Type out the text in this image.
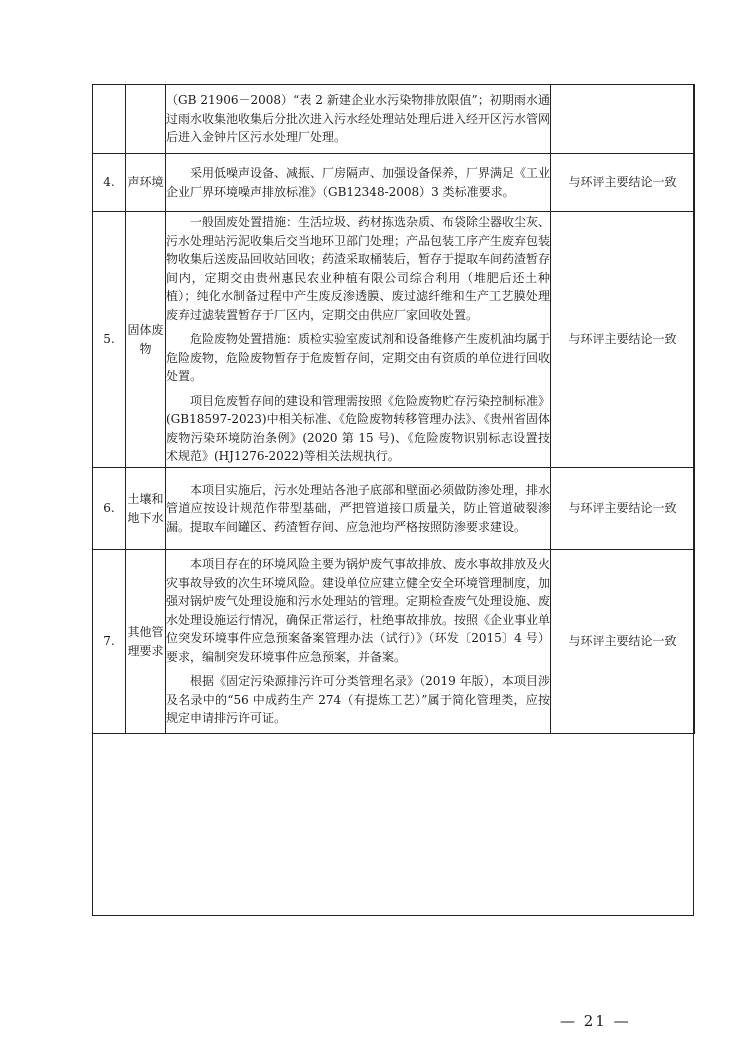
		（GB 21906－2008）“表 2 新建企业水污染物排放限值”；初期雨水通过雨水收集池收集后分批次进入污水经处理站处理后进入经开区污水管网后进入金钟片区污水处理厂处理。	

4.	声环境	采用低噪声设备、减振、厂房隔声、加强设备保养，厂界满足《工业企业厂界环境噪声排放标准》（GB12348-2008）3 类标准要求。	与环评主要结论一致
5.	固体废物	一般固废处置措施：生活垃圾、药材拣选杂质、布袋除尘器收尘灰、污水处理站污泥收集后交当地环卫部门处理；产品包装工序产生废弃包装物收集后送废品回收站回收；药渣采取桶装后，暂存于提取车间药渣暂存间内，定期交由贵州惠民农业种植有限公司综合利用（堆肥后还土种植）；纯化水制备过程中产生废反渗透膜、废过滤纤维和生产工艺膜处理废弃过滤装置暂存于厂区内，定期交由供应厂家回收处置。

危险废物处置措施：质检实验室废试剂和设备维修产生废机油均属于危险废物，危险废物暂存于危废暂存间，定期交由有资质的单位进行回收处置。

项目危废暂存间的建设和管理需按照《危险废物贮存污染控制标准》(GB18597-2023)中相关标准、《危险废物转移管理办法》、《贵州省固体废物污染环境防治条例》(2020 第 15 号)、《危险废物识别标志设置技术规范》(HJ1276-2022)等相关法规执行。	与环评主要结论一致
6.	土壤和地下水	本项目实施后，污水处理站各池子底部和壁面必须做防渗处理，排水管道应按设计规范作带型基础，严把管道接口质量关，防止管道破裂渗漏。提取车间罐区、药渣暂存间、应急池均严格按照防渗要求建设。	与环评主要结论一致
7.	其他管理要求	本项目存在的环境风险主要为锅炉废气事故排放、废水事故排放及火灾事故导致的次生环境风险。建设单位应建立健全安全环境管理制度，加强对锅炉废气处理设施和污水处理站的管理。定期检查废气处理设施、废水处理设施运行情况，确保正常运行，杜绝事故排放。按照《企业事业单位突发环境事件应急预案备案管理办法（试行）》（环发〔2015〕4 号）要求，编制突发环境事件应急预案，并备案。

根据《固定污染源排污许可分类管理名录》（2019 年版），本项目涉及名录中的“56 中成药生产 274（有提炼工艺）”属于简化管理类，应按规定申请排污许可证。	与环评主要结论一致
— 21 —
